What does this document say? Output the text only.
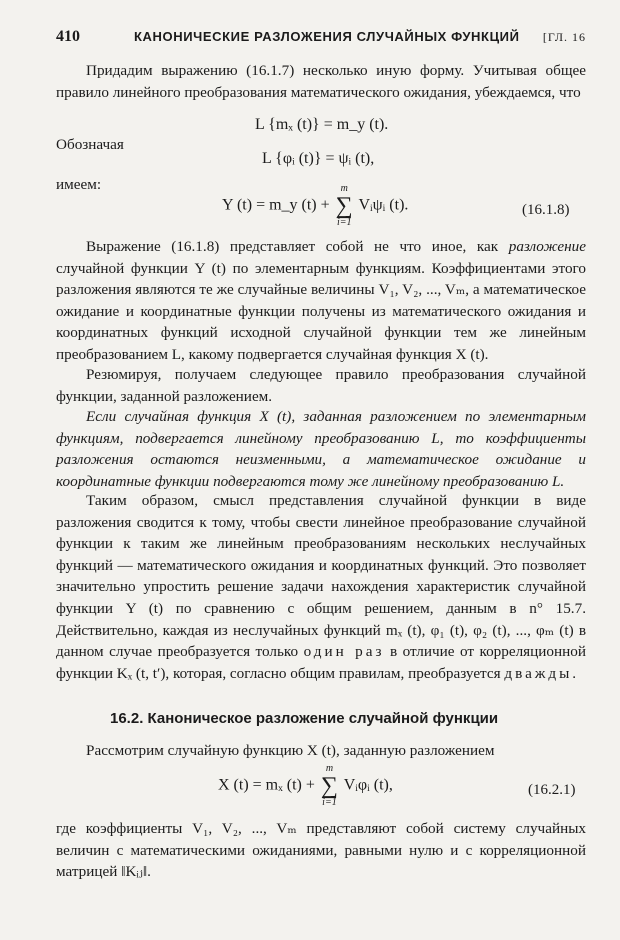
410	КАНОНИЧЕСКИЕ РАЗЛОЖЕНИЯ СЛУЧАЙНЫХ ФУНКЦИЙ [ГЛ. 16

Придадим выражению (16.1.7) несколько иную форму. Учитывая общее правило линейного преобразования математического ожидания, убеждаемся, что

L {mₓ (t)} = m_y (t).

Обозначая

L {φᵢ (t)} = ψᵢ (t),

имеем:

Y (t) = m_y (t) +
m
∑
i=1
Vᵢψᵢ (t).	(16.1.8)

Выражение (16.1.8) представляет собой не что иное, как разложение случайной функции Y (t) по элементарным функциям. Коэффициентами этого разложения являются те же случайные величины V₁, V₂, ..., Vₘ, а математическое ожидание и координатные функции получены из математического ожидания и координатных функций исходной случайной функции тем же линейным преобразованием L, какому подвергается случайная функция X (t).

Резюмируя, получаем следующее правило преобразования случайной функции, заданной разложением.

Если случайная функция X (t), заданная разложением по элементарным функциям, подвергается линейному преобразованию L, то коэффициенты разложения остаются неизменными, а математическое ожидание и координатные функции подвергаются тому же линейному преобразованию L.

Таким образом, смысл представления случайной функции в виде разложения сводится к тому, чтобы свести линейное преобразование случайной функции к таким же линейным преобразованиям нескольких неслучайных функций — математического ожидания и координатных функций. Это позволяет значительно упростить решение задачи нахождения характеристик случайной функции Y (t) по сравнению с общим решением, данным в n° 15.7. Действительно, каждая из неслучайных функций mₓ (t), φ₁ (t), φ₂ (t), ..., φₘ (t) в данном случае преобразуется только один раз в отличие от корреляционной функции Kₓ (t, t′), которая, согласно общим правилам, преобразуется дважды.

16.2. Каноническое разложение случайной функции

Рассмотрим случайную функцию X (t), заданную разложением

X (t) = mₓ (t) +
m
∑
i=1
Vᵢφᵢ (t),	(16.2.1)

где коэффициенты V₁, V₂, ..., Vₘ представляют собой систему случайных величин с математическими ожиданиями, равными нулю и с корреляционной матрицей ‖Kᵢⱼ‖.
